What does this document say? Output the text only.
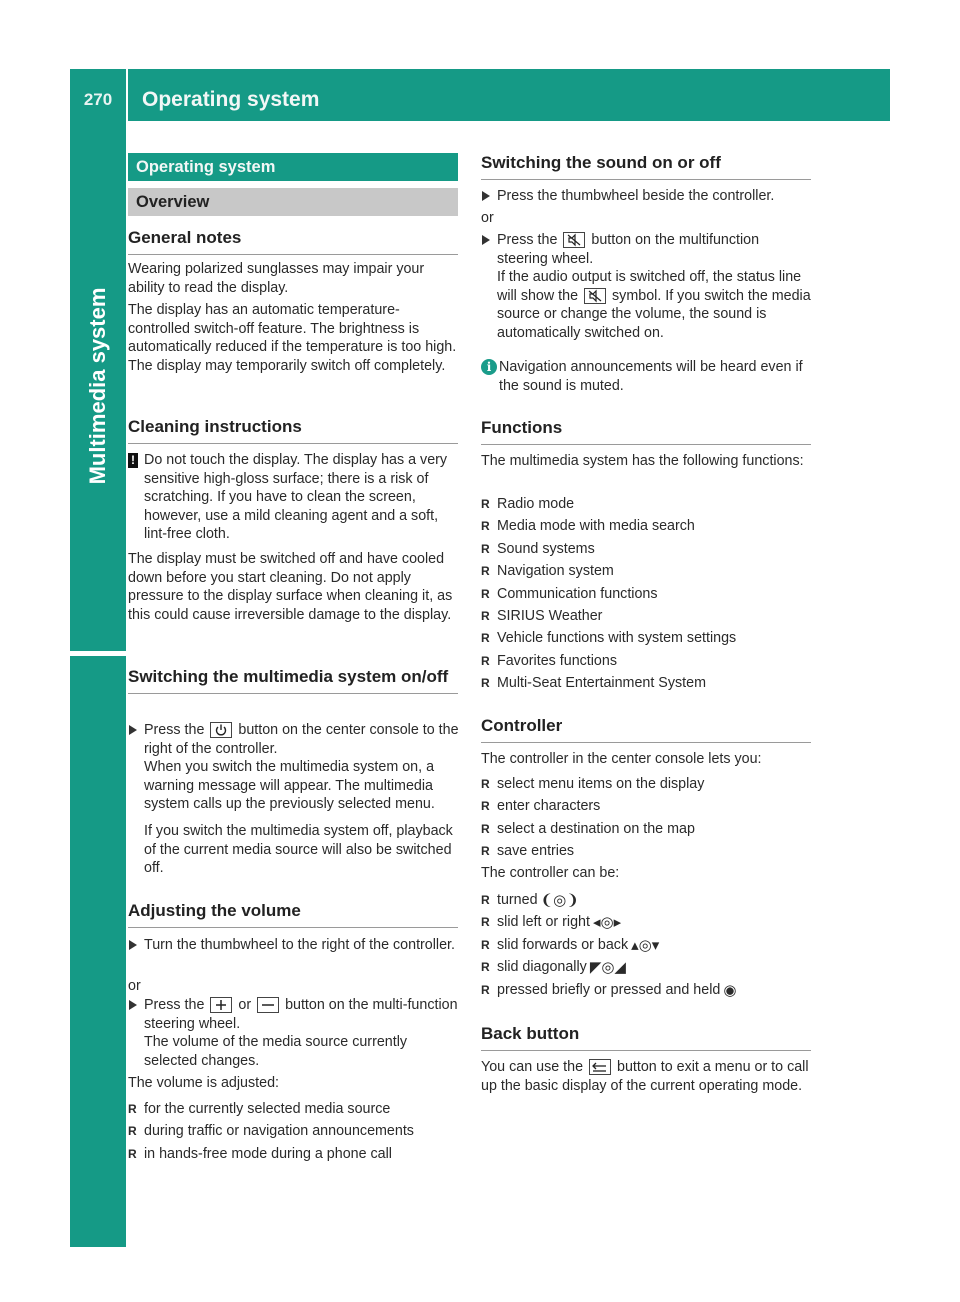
270	Operating system
Multimedia system
Operating system
Overview
General notes
Wearing polarized sunglasses may impair your ability to read the display.
The display has an automatic temperature-controlled switch-off feature. The brightness is automatically reduced if the temperature is too high. The display may temporarily switch off completely.
Cleaning instructions
! Do not touch the display. The display has a very sensitive high-gloss surface; there is a risk of scratching. If you have to clean the screen, however, use a mild cleaning agent and a soft, lint-free cloth.
The display must be switched off and have cooled down before you start cleaning. Do not apply pressure to the display surface when cleaning it, as this could cause irreversible damage to the display.
Switching the multimedia system on/off
Press the button on the center console to the right of the controller.
When you switch the multimedia system on, a warning message will appear. The multimedia system calls up the previously selected menu.
If you switch the multimedia system off, playback of the current media source will also be switched off.
Adjusting the volume
Turn the thumbwheel to the right of the controller.
or
Press the or button on the multi-function steering wheel.
The volume of the media source currently selected changes.
The volume is adjusted:
R for the currently selected media source
R during traffic or navigation announcements
R in hands-free mode during a phone call
Switching the sound on or off
Press the thumbwheel beside the controller.
or
Press the button on the multifunction steering wheel.
If the audio output is switched off, the status line will show the symbol. If you switch the media source or change the volume, the sound is automatically switched on.
i Navigation announcements will be heard even if the sound is muted.
Functions
The multimedia system has the following functions:
R Radio mode
R Media mode with media search
R Sound systems
R Navigation system
R Communication functions
R SIRIUS Weather
R Vehicle functions with system settings
R Favorites functions
R Multi-Seat Entertainment System
Controller
The controller in the center console lets you:
R select menu items on the display
R enter characters
R select a destination on the map
R save entries
The controller can be:
R turned ❨◎❩
R slid left or right ◂◎▸
R slid forwards or back ▴◎▾
R slid diagonally ◤◎◢
R pressed briefly or pressed and held ◉
Back button
You can use the button to exit a menu or to call up the basic display of the current operating mode.
